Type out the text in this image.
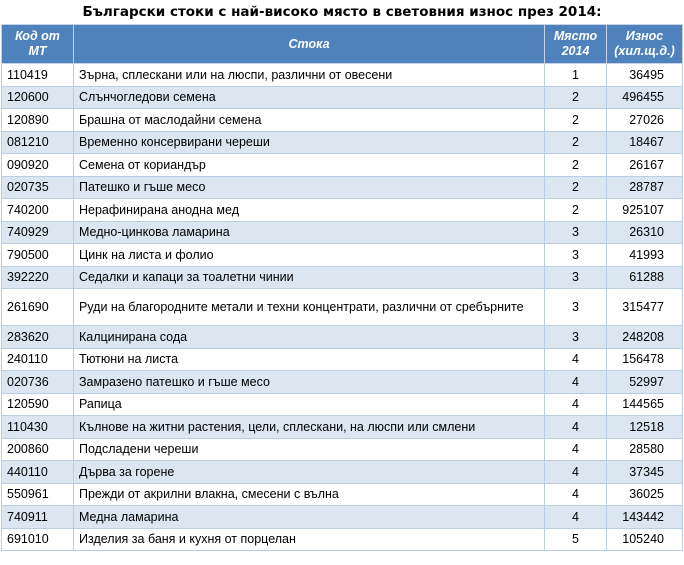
Български стоки с най-високо място в световния износ през 2014:
Код от МТ	Стока	Място 2014	Износ (хил.щ.д.)
110419	Зърна, сплескани или на люспи, различни от овесени	1	36495
120600	Слънчогледови семена	2	496455
120890	Брашна от маслодайни семена	2	27026
081210	Временно консервирани череши	2	18467
090920	Семена от кориандър	2	26167
020735	Патешко и гъше месо	2	28787
740200	Нерафинирана анодна мед	2	925107
740929	Медно-цинкова ламарина	3	26310
790500	Цинк на листа и фолио	3	41993
392220	Седалки и капаци за тоалетни чинии	3	61288
261690	Руди на благородните метали и техни концентрати, различни от сребърните	3	315477
283620	Калцинирана сода	3	248208
240110	Тютюни на листа	4	156478
020736	Замразено патешко и гъше месо	4	52997
120590	Рапица	4	144565
110430	Кълнове на житни растения, цели, сплескани, на люспи или смлени	4	12518
200860	Подсладени череши	4	28580
440110	Дърва за горене	4	37345
550961	Прежди от акрилни влакна, смесени с вълна	4	36025
740911	Медна ламарина	4	143442
691010	Изделия за баня и кухня от порцелан	5	105240
